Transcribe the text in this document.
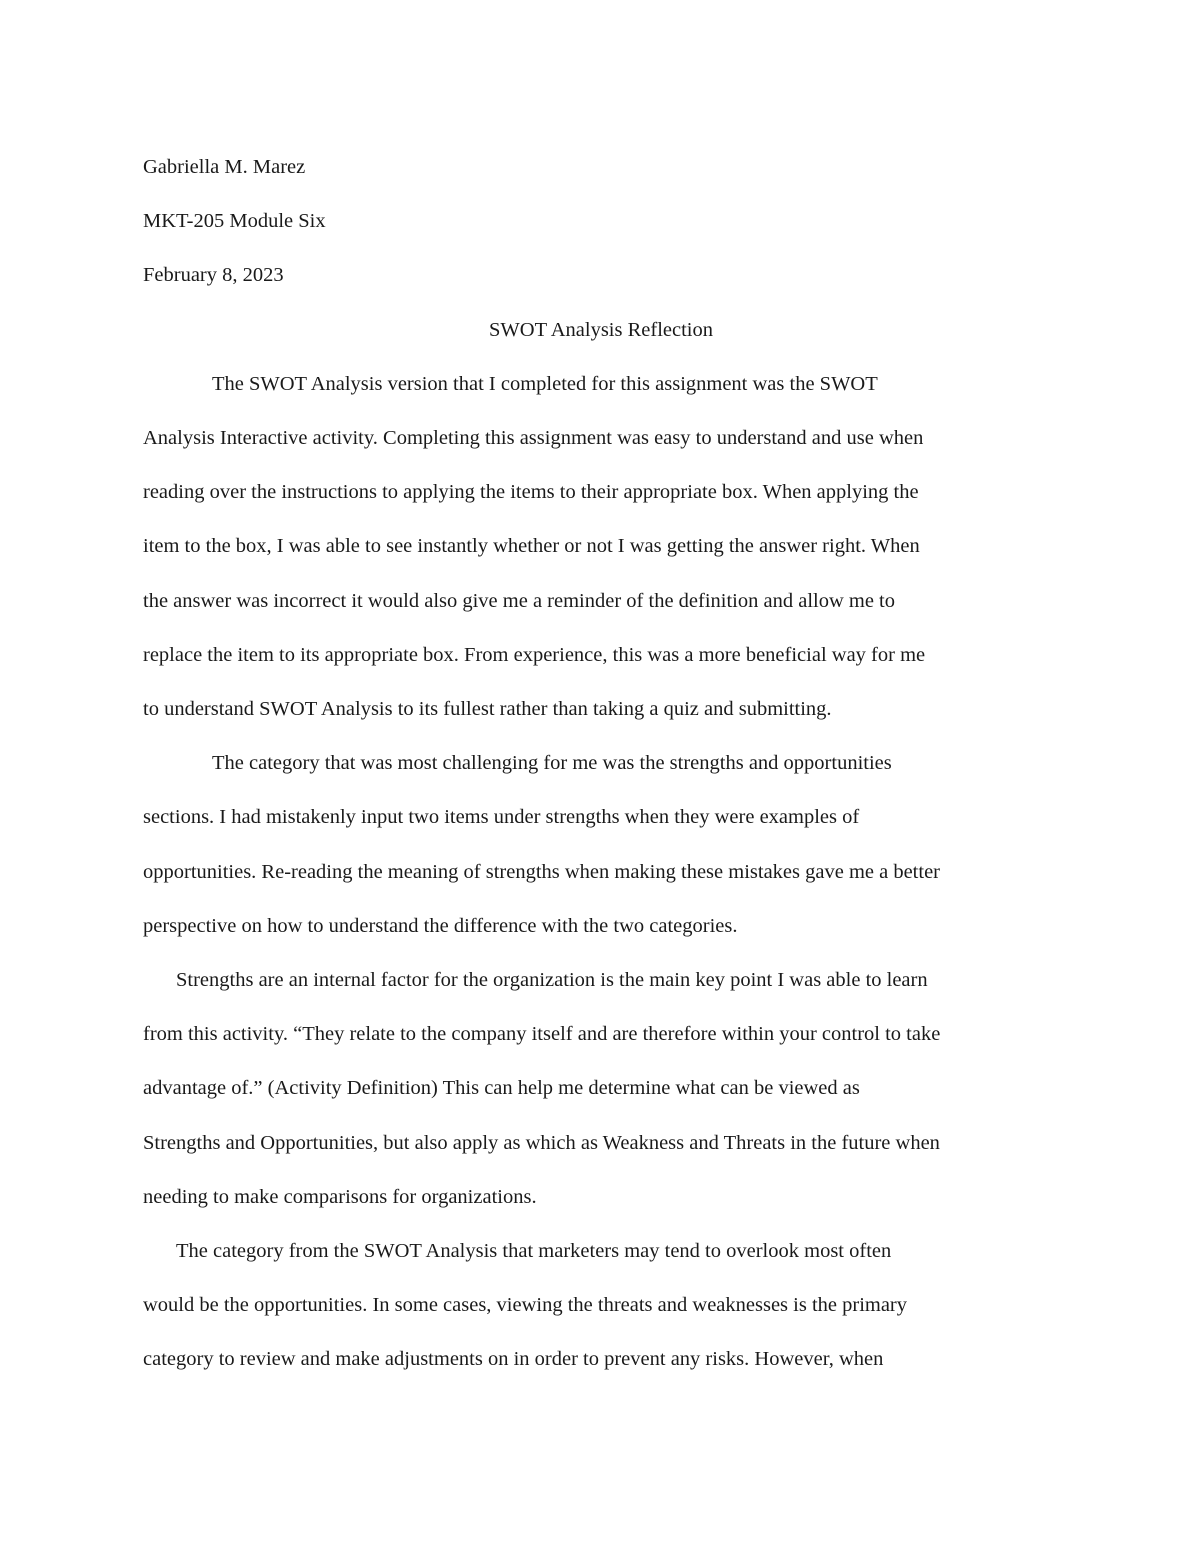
Gabriella M. Marez

MKT-205 Module Six

February 8, 2023

SWOT Analysis Reflection

The SWOT Analysis version that I completed for this assignment was the SWOT

Analysis Interactive activity. Completing this assignment was easy to understand and use when

reading over the instructions to applying the items to their appropriate box. When applying the

item to the box, I was able to see instantly whether or not I was getting the answer right. When

the answer was incorrect it would also give me a reminder of the definition and allow me to

replace the item to its appropriate box. From experience, this was a more beneficial way for me

to understand SWOT Analysis to its fullest rather than taking a quiz and submitting.

The category that was most challenging for me was the strengths and opportunities

sections. I had mistakenly input two items under strengths when they were examples of

opportunities. Re-reading the meaning of strengths when making these mistakes gave me a better

perspective on how to understand the difference with the two categories.

Strengths are an internal factor for the organization is the main key point I was able to learn

from this activity. “They relate to the company itself and are therefore within your control to take

advantage of.” (Activity Definition) This can help me determine what can be viewed as

Strengths and Opportunities, but also apply as which as Weakness and Threats in the future when

needing to make comparisons for organizations.

The category from the SWOT Analysis that marketers may tend to overlook most often

would be the opportunities. In some cases, viewing the threats and weaknesses is the primary

category to review and make adjustments on in order to prevent any risks. However, when
